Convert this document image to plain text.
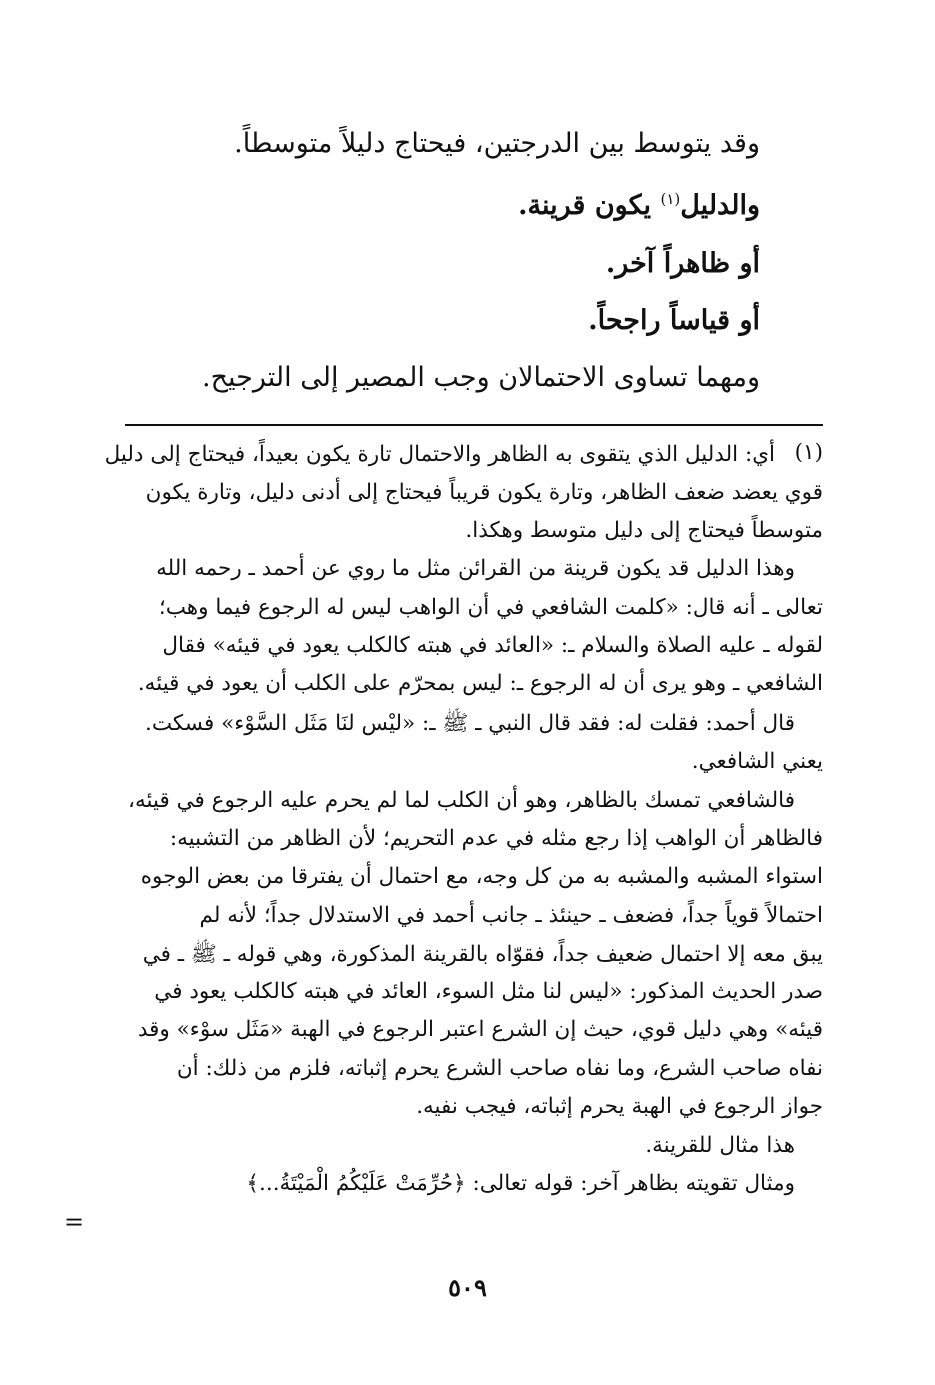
وقد يتوسط بين الدرجتين، فيحتاج دليلاً متوسطاً.
والدليل$^{(١)}$ يكون قرينة.
أو ظاهراً آخر.
أو قياساً راجحاً.
ومهما تساوى الاحتمالان وجب المصير إلى الترجيح.
(١)
أي: الدليل الذي يتقوى به الظاهر والاحتمال تارة يكون بعيداً، فيحتاج إلى دليل
قوي يعضد ضعف الظاهر، وتارة يكون قريباً فيحتاج إلى أدنى دليل، وتارة يكون
متوسطاً فيحتاج إلى دليل متوسط وهكذا.
وهذا الدليل قد يكون قرينة من القرائن مثل ما روي عن أحمد ـ رحمه الله
تعالى ـ أنه قال: «كلمت الشافعي في أن الواهب ليس له الرجوع فيما وهب؛
لقوله ـ عليه الصلاة والسلام ـ: «العائد في هبته كالكلب يعود في قيئه» فقال
الشافعي ـ وهو يرى أن له الرجوع ـ: ليس بمحرّم على الكلب أن يعود في قيئه.
قال أحمد: فقلت له: فقد قال النبي ـ ﷺ ـ: «ليْس لنَا مَثَل السَّوْء» فسكت.
يعني الشافعي.
فالشافعي تمسك بالظاهر، وهو أن الكلب لما لم يحرم عليه الرجوع في قيئه،
فالظاهر أن الواهب إذا رجع مثله في عدم التحريم؛ لأن الظاهر من التشبيه:
استواء المشبه والمشبه به من كل وجه، مع احتمال أن يفترقا من بعض الوجوه
احتمالاً قوياً جداً، فضعف ـ حينئذ ـ جانب أحمد في الاستدلال جداً؛ لأنه لم
يبق معه إلا احتمال ضعيف جداً، فقوّاه بالقرينة المذكورة، وهي قوله ـ ﷺ ـ في
صدر الحديث المذكور: «ليس لنا مثل السوء، العائد في هبته كالكلب يعود في
قيئه» وهي دليل قوي، حيث إن الشرع اعتبر الرجوع في الهبة «مَثَل سوْء» وقد
نفاه صاحب الشرع، وما نفاه صاحب الشرع يحرم إثباته، فلزم من ذلك: أن
جواز الرجوع في الهبة يحرم إثباته، فيجب نفيه.
هذا مثال للقرينة.
ومثال تقويته بظاهر آخر: قوله تعالى: ﴿حُرِّمَتْ عَلَيْكُمُ الْمَيْتَةُ...﴾
=
٥٠٩
